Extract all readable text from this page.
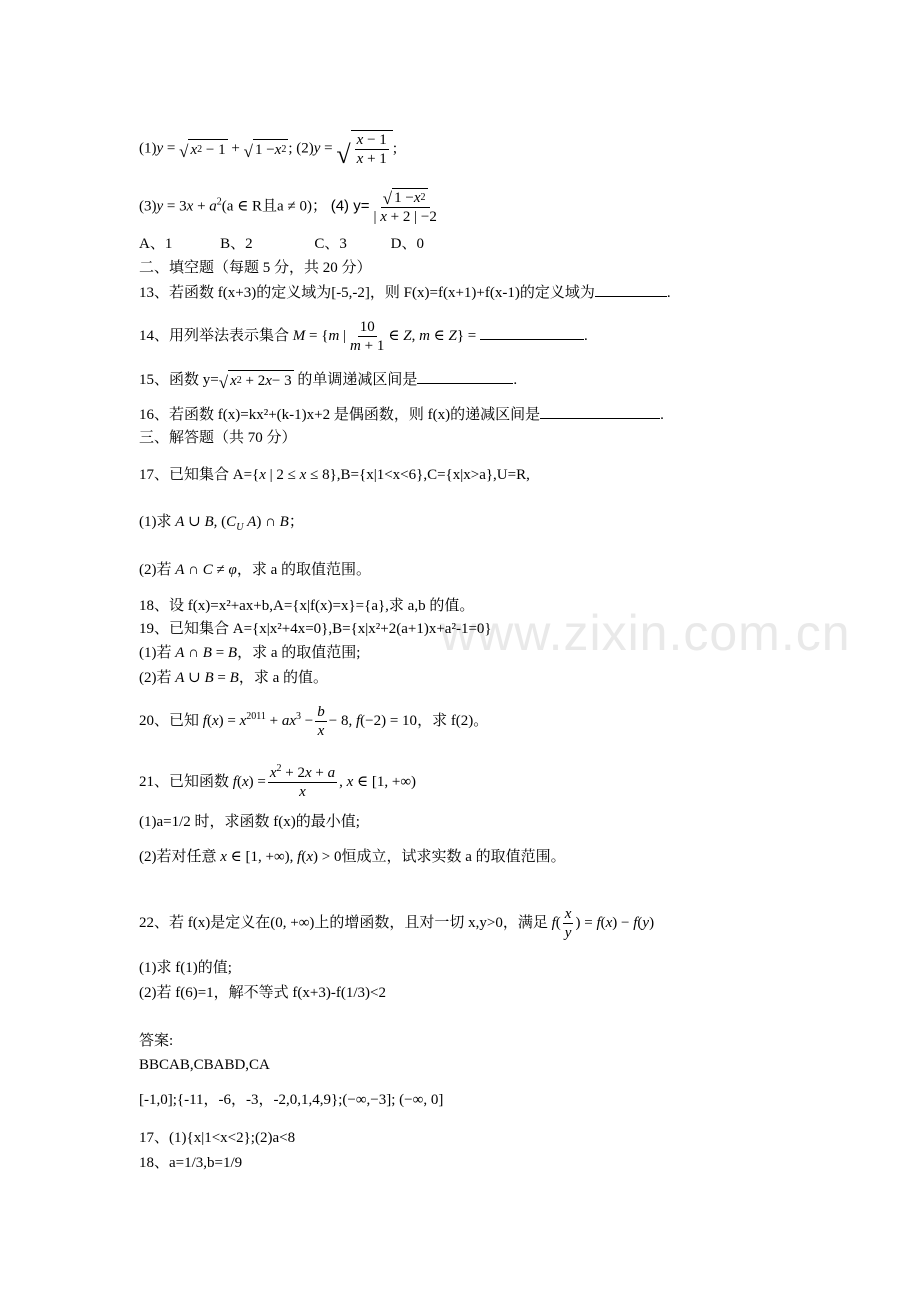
www.zixin.com.cn
(1)y = √ x 2 − 1 + √ 1 − x 2 ; (2)y = √ $\frac{x - 1}{x + 1}$ ;
$(3)y = 3x + a^2(a$ ∈ R且a ≠ 0)； (4) $y= \frac{√ 1 - x 2}{| x + 2 | -2}$
A、1	B、2	C、3	D、0
二、填空题（每题 5 分，共 20 分）
13、若函数 f(x+3)的定义域为[-5,-2]，则 F(x)=f(x+1)+f(x-1)的定义域为	.
14、用列举法表示集合 M = {m | $\frac{10}{m + 1}$ ∈ Z, m ∈ Z} =	.
15、函数 y= √ x 2 + 2 x − 3 的单调递减区间是	.
16、若函数 f(x)=kx²+(k-1)x+2 是偶函数，则 f(x)的递减区间是	.
三、解答题（共 70 分）
17、已知集合 A={x | 2 ≤ x ≤ 8},B={x|1<x<6},C={x|x>a},U=R,
(1)求 A ∪ B, ($C_U$ A) ∩ B；
(2)若 A ∩ C ≠ φ，求 a 的取值范围。
18、设 f(x)=x²+ax+b,A={x|f(x)=x}={a},求 a,b 的值。
19、已知集合 A={x|x²+4x=0},B={x|x²+2(a+1)x+a²-1=0}
(1)若 A ∩ B = B，求 a 的取值范围;
(2)若 A ∪ B = B，求 a 的值。
20、已知 $f(x) = x^{2011} + ax^3 - \frac{b}{x} - 8$, f(−2) = 10，求 f(2)。
21、已知函数 $f(x) = \frac{x^2 + 2x + a}{x}$ , x ∈ [1, +∞)
(1)a=1/2 时，求函数 f(x)的最小值;
(2)若对任意 x ∈ [1, +∞), f(x) > 0恒成立，试求实数 a 的取值范围。
22、若 f(x)是定义在(0, +∞)上的增函数，且对一切 x,y>0，满足 $f( \frac{x}{y}$ ) = f(x) − f(y)
(1)求 f(1)的值;
(2)若 f(6)=1，解不等式 f(x+3)-f(1/3)<2
答案:
BBCAB,CBABD,CA
[-1,0];{-11，-6，-3，-2,0,1,4,9};(−∞,−3]; (−∞, 0]
17、(1){x|1<x<2};(2)a<8
18、a=1/3,b=1/9
